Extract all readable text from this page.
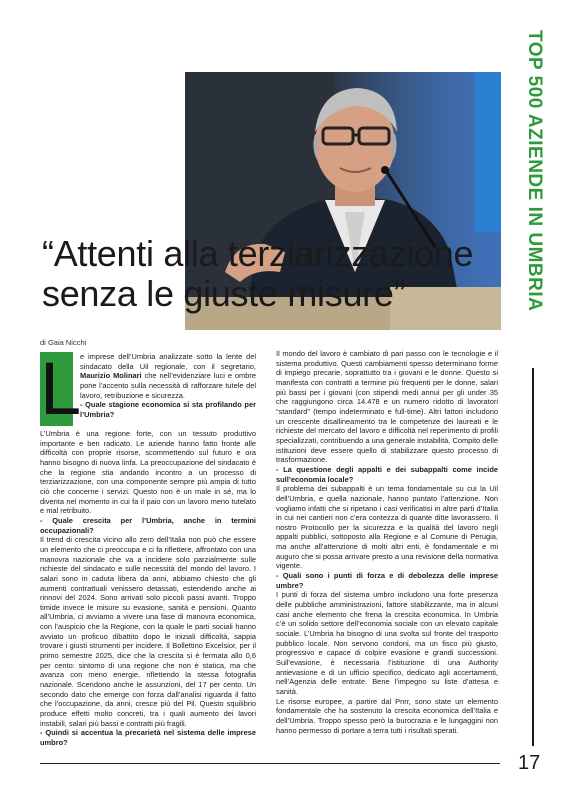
TOP 500 AZIENDE IN UMBRIA
“Attenti alla terziarizzazione
senza le giuste misure”
di Gaia Nicchi
L

e imprese dell’Umbria analizzate sotto la lente del sindacato della Uil regionale, con il segretario, Maurizio Molinari che nell’evidenziare luci e ombre pone l’accento sulla necessità di rafforzare tutele del lavoro, retribuzione e sicurezza.

- Quale stagione economica si sta profilando per l’Umbria?

L’Umbria è una regione forte, con un tessuto produttivo importante e ben radicato. Le aziende hanno fatto fronte alle difficoltà con proprie risorse, scommettendo sul futuro e ora hanno bisogno di nuova linfa. La preoccupazione del sindacato è che la regione stia andando incontro a un processo di terziarizzazione, con una componente sempre più ampia di tutto ciò che concerne i servizi. Questo non è un male in sé, ma lo diventa nel momento in cui fa il paio con un lavoro meno tutelato e mal retribuito.

- Quale crescita per l’Umbria, anche in termini occupazionali?

Il trend di crescita vicino allo zero dell’Italia non può che essere un elemento che ci preoccupa e ci fa riflettere, affrontato con una manovra nazionale che va a incidere solo parzialmente sulle richieste del sindacato e sulle necessità del mondo del lavoro. I salari sono in caduta libera da anni, abbiamo chiesto che gli aumenti contrattuali venissero detassati, estendendo anche ai rinnovi del 2024. Sono arrivati solo piccoli passi avanti. Troppo timide invece le misure su evasione, sanità e pensioni. Quanto all’Umbria, ci avviamo a vivere una fase di manovra economica, con l’auspicio che la Regione, con la quale le parti sociali hanno avviato un proficuo dibattito dopo le iniziali difficoltà, sappia trovare i giusti strumenti per incidere. Il Bollettino Excelsior, per il primo semestre 2025, dice che la crescita si è fermata allo 0,6 per cento: sintomo di una regione che non è statica, ma che avanza con meno energie, riflettendo la stessa fotografia nazionale. Scendono anche le assunzioni, del 17 per cento. Un secondo dato che emerge con forza dall’analisi riguarda il fatto che l’occupazione, da anni, cresce più del Pil. Questo squilibrio produce effetti molto concreti, tra i quali aumento dei lavori instabili, salari più bassi e contratti più fragili.

- Quindi si accentua la precarietà nel sistema delle imprese umbro?

Il mondo del lavoro è cambiato di pari passo con le tecnologie e il sistema produttivo. Questi cambiamenti spesso determinano forme di impiego precarie, soprattutto tra i giovani e le donne. Questo si manifesta con contratti a termine più frequenti per le donne, salari più bassi per i giovani (con stipendi medi annui per gli under 35 che raggiungono circa 14.478 e un numero ridotto di lavoratori “standard” (tempo indeterminato e full-time). Altri fattori includono un crescente disallineamento tra le competenze dei laureati e le richieste del mercato del lavoro e difficoltà nel reperimento di profili specializzati, contribuendo a una generale instabilità. Compito delle istituzioni deve essere quello di stabilizzare questo processo di trasformazione.

- La questione degli appalti e dei subappalti come incide sull’economia locale?

Il problema dei subappalti è un tema fondamentale su cui la Uil dell’Umbria, e quella nazionale, hanno puntato l’attenzione. Non vogliamo infatti che si ripetano i casi verificatisi in altre parti d’Italia in cui nei cantieri non c’era contezza di quante ditte lavorassero. Il nostro Protocollo per la sicurezza e la qualità del lavoro negli appalti pubblici, sottoposto alla Regione e al Comune di Perugia, ma anche all’attenzione di molti altri enti, è fondamentale e mi auguro che si possa arrivare presto a una revisione della normativa vigente.

- Quali sono i punti di forza e di debolezza delle imprese umbre?

I punti di forza del sistema umbro includono una forte presenza delle pubbliche amministrazioni, fattore stabilizzante, ma in alcuni casi anche elemento che frena la crescita economica. In Umbria c’è un solido settore dell’economia sociale con un elevato capitale sociale. L’Umbria ha bisogno di una svolta sul fronte del trasporto pubblico locale. Non servono condoni, ma un fisco più giusto, progressivo e capace di colpire evasione e grandi successioni. Sull’evasione, è necessaria l’istituzione di una Authority antievasione e di un ufficio specifico, dedicato agli accertamenti, nell’Agenzia delle entrate. Bene l’impegno su liste d’attesa e sanità.

Le risorse europee, a partire dal Pnrr, sono state un elemento fondamentale che ha sostenuto la crescita economica dell’Italia e dell’Umbria. Troppo spesso però la burocrazia e le lungaggini non hanno permesso di portare a terra tutti i risultati sperati.

17
